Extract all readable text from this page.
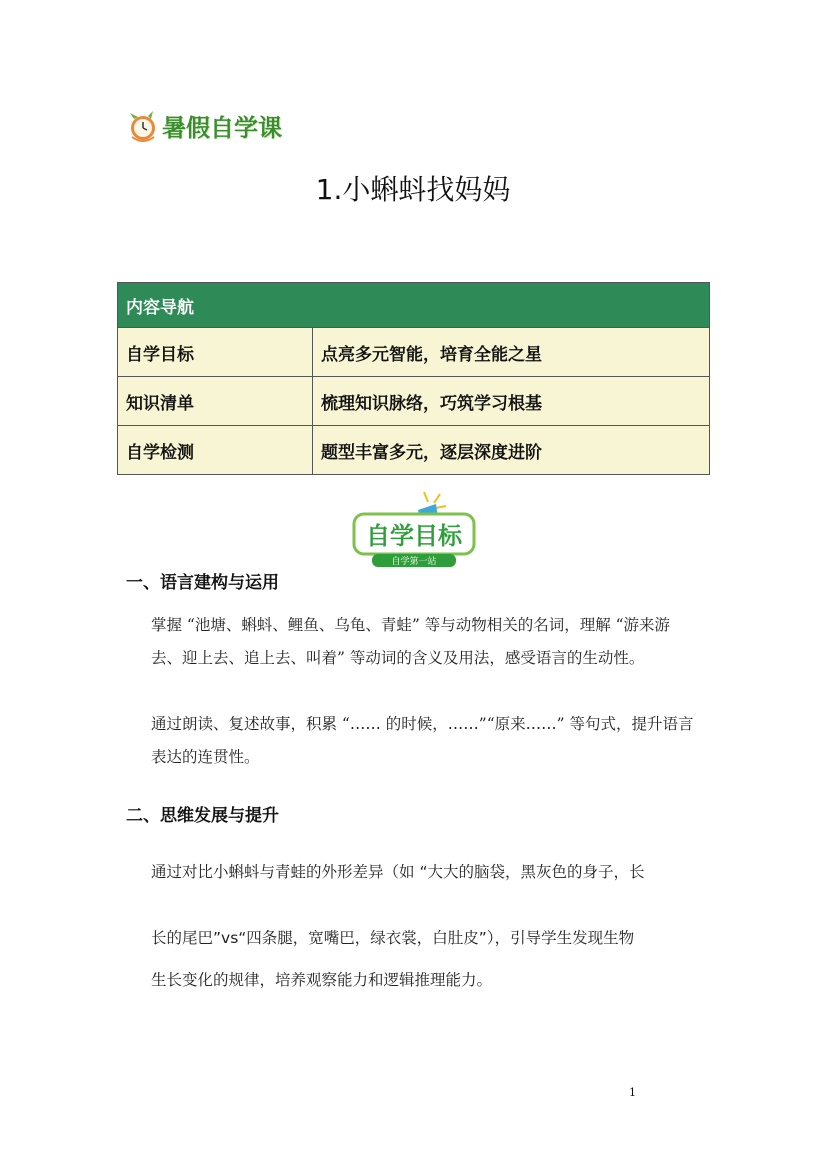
暑假自学课
1.小蝌蚪找妈妈
内容导航	
自学目标	点亮多元智能，培育全能之星
知识清单	梳理知识脉络，巧筑学习根基
自学检测	题型丰富多元，逐层深度进阶
自学目标
自学第一站
一、语言建构与运用
掌握 “池塘、蝌蚪、鲤鱼、乌龟、青蛙” 等与动物相关的名词，理解 “游来游去、迎上去、追上去、叫着” 等动词的含义及用法，感受语言的生动性。
通过朗读、复述故事，积累 “…… 的时候，……”“原来……” 等句式，提升语言表达的连贯性。
二、思维发展与提升
通过对比小蝌蚪与青蛙的外形差异（如 “大大的脑袋，黑灰色的身子，长
长的尾巴”vs“四条腿，宽嘴巴，绿衣裳，白肚皮”），引导学生发现生物
生长变化的规律，培养观察能力和逻辑推理能力。
1
